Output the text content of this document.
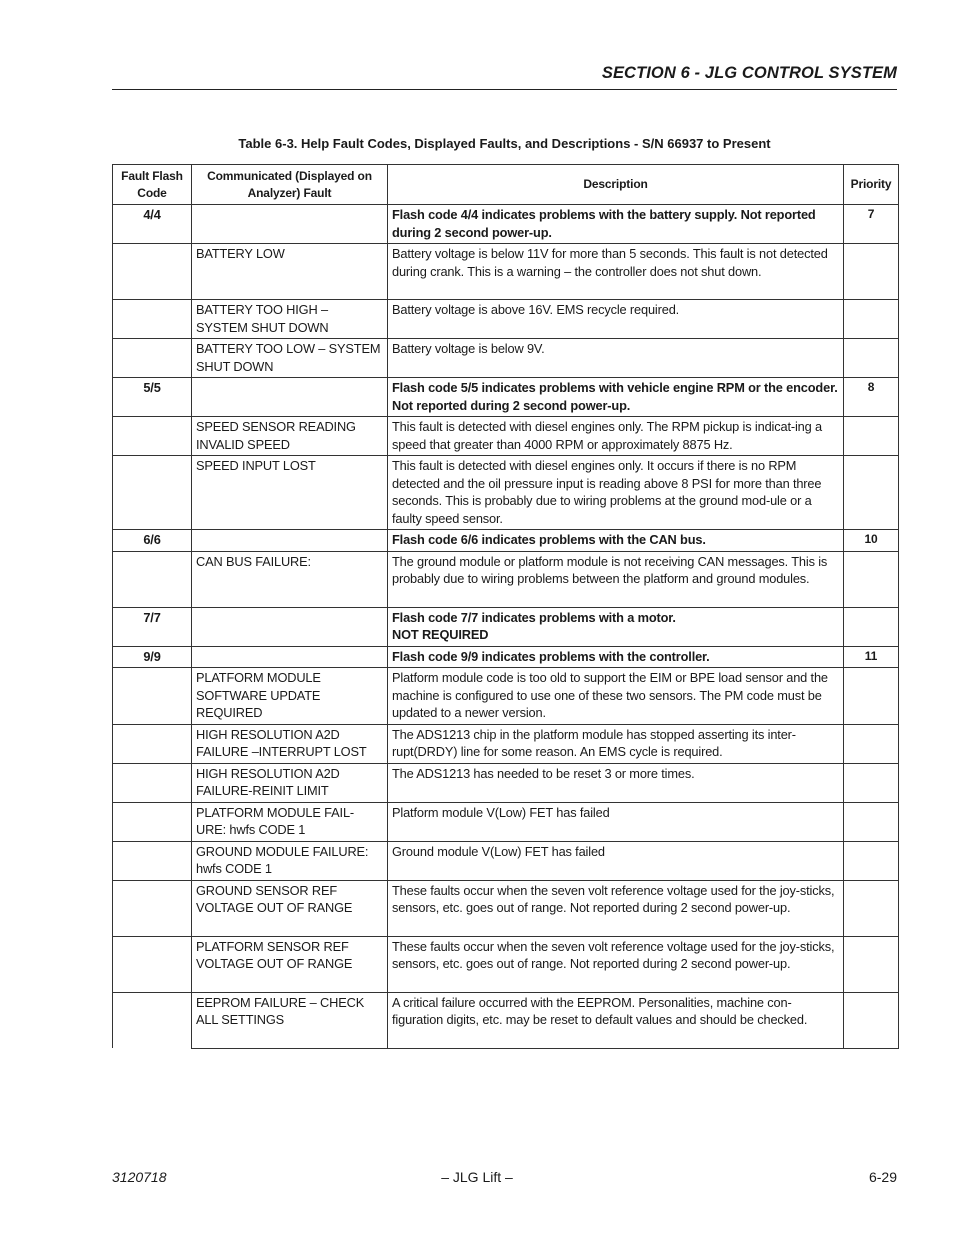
SECTION 6 - JLG CONTROL SYSTEM
Table 6-3. Help Fault Codes, Displayed Faults, and Descriptions - S/N 66937 to Present
Fault Flash Code	Communicated (Displayed on Analyzer) Fault	Description	Priority
4/4		Flash code 4/4 indicates problems with the battery supply. Not reported during 2 second power-up.	7
	BATTERY LOW	Battery voltage is below 11V for more than 5 seconds. This fault is not detected during crank. This is a warning – the controller does not shut down.	
	BATTERY TOO HIGH – SYSTEM SHUT DOWN	Battery voltage is above 16V. EMS recycle required.	
	BATTERY TOO LOW – SYSTEM SHUT DOWN	Battery voltage is below 9V.	
5/5		Flash code 5/5 indicates problems with vehicle engine RPM or the encoder. Not reported during 2 second power-up.	8
	SPEED SENSOR READING INVALID SPEED	This fault is detected with diesel engines only. The RPM pickup is indicat-ing a speed that greater than 4000 RPM or approximately 8875 Hz.	
	SPEED INPUT LOST	This fault is detected with diesel engines only. It occurs if there is no RPM detected and the oil pressure input is reading above 8 PSI for more than three seconds. This is probably due to wiring problems at the ground mod-ule or a faulty speed sensor.	
6/6		Flash code 6/6 indicates problems with the CAN bus.	10
	CAN BUS FAILURE:	The ground module or platform module is not receiving CAN messages. This is probably due to wiring problems between the platform and ground modules.	
7/7		Flash code 7/7 indicates problems with a motor.
NOT REQUIRED	

9/9		Flash code 9/9 indicates problems with the controller.	11
	PLATFORM MODULE SOFTWARE UPDATE REQUIRED	Platform module code is too old to support the EIM or BPE load sensor and the machine is configured to use one of these two sensors. The PM code must be updated to a newer version.	
	HIGH RESOLUTION A2D FAILURE –INTERRUPT LOST	The ADS1213 chip in the platform module has stopped asserting its inter-rupt(DRDY) line for some reason. An EMS cycle is required.	
	HIGH RESOLUTION A2D FAILURE-REINIT LIMIT	The ADS1213 has needed to be reset 3 or more times.	
	PLATFORM MODULE FAIL-URE: hwfs CODE 1	Platform module V(Low) FET has failed	
	GROUND MODULE FAILURE: hwfs CODE 1	Ground module V(Low) FET has failed	
	GROUND SENSOR REF VOLTAGE OUT OF RANGE	These faults occur when the seven volt reference voltage used for the joy-sticks, sensors, etc. goes out of range. Not reported during 2 second power-up.	
	PLATFORM SENSOR REF VOLTAGE OUT OF RANGE	These faults occur when the seven volt reference voltage used for the joy-sticks, sensors, etc. goes out of range. Not reported during 2 second power-up.	
	EEPROM FAILURE – CHECK ALL SETTINGS	A critical failure occurred with the EEPROM. Personalities, machine con-figuration digits, etc. may be reset to default values and should be checked.	
3120718	– JLG Lift –	6-29
